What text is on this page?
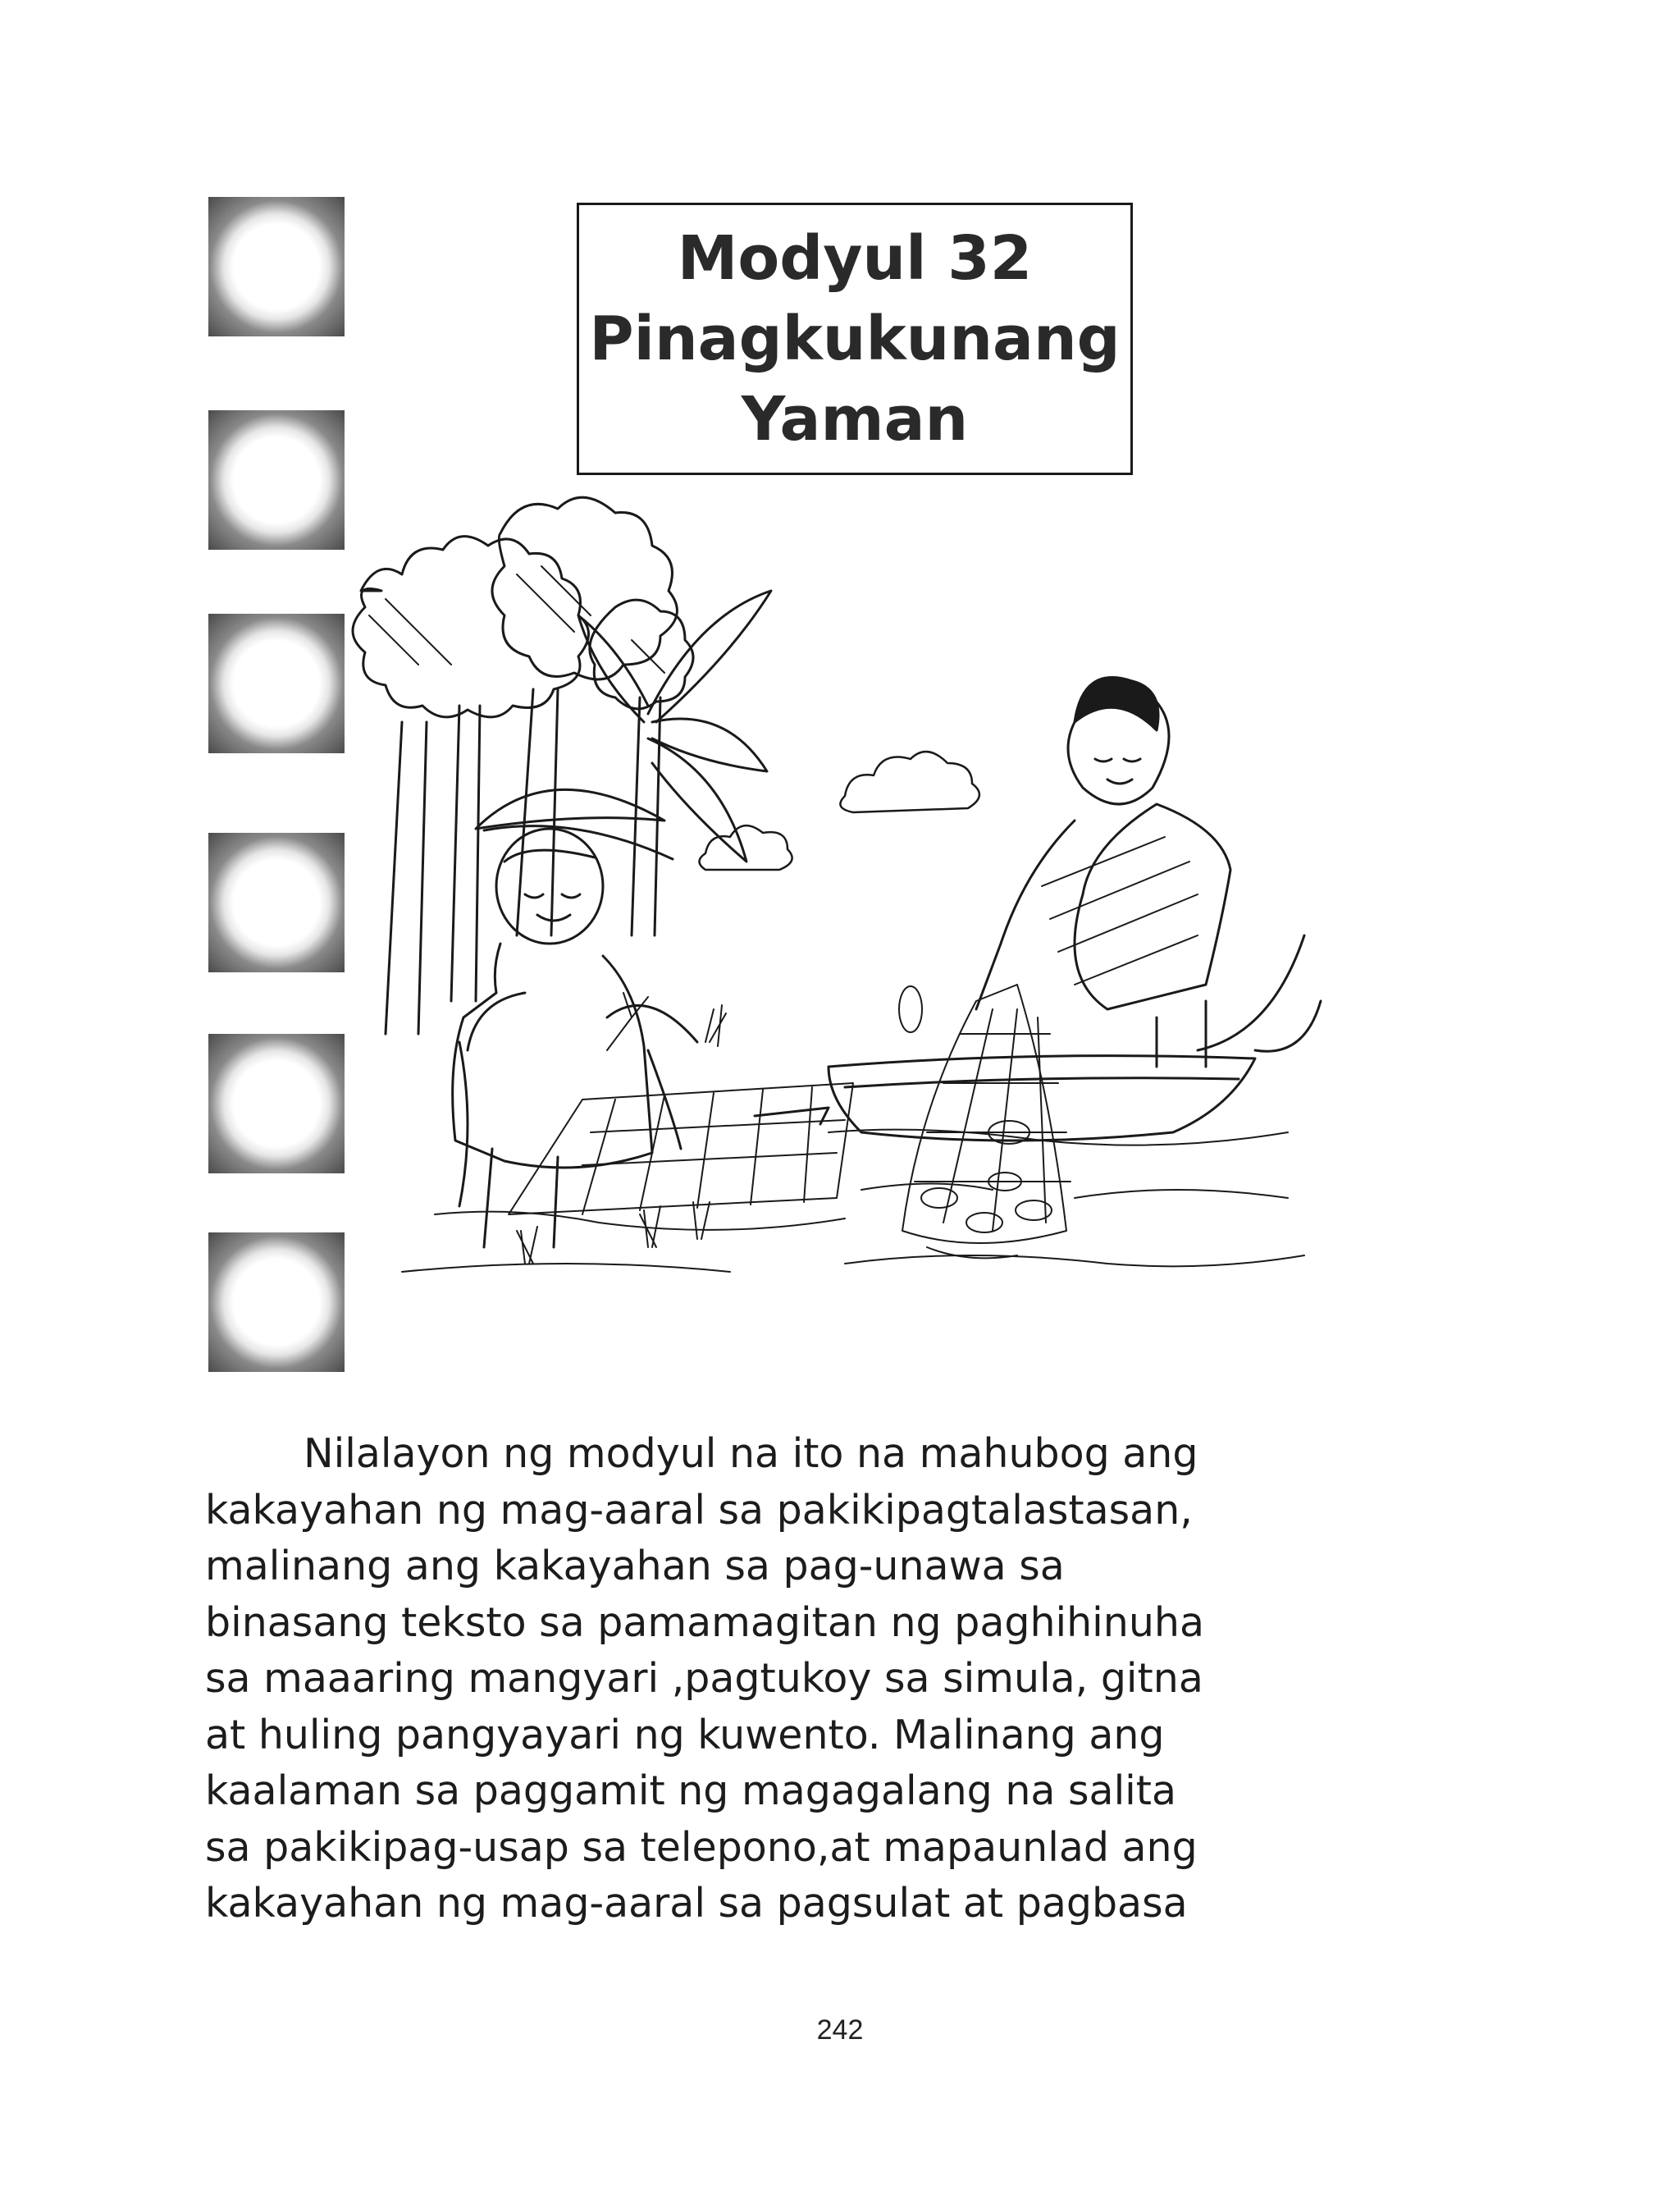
Modyul 32
Pinagkukunang
Yaman

Nilalayon ng modyul na ito na mahubog ang
kakayahan ng mag-aaral sa pakikipagtalastasan,
malinang ang kakayahan sa pag-unawa sa
binasang teksto sa pamamagitan ng paghihinuha
sa maaaring mangyari ,pagtukoy sa simula, gitna
at huling pangyayari ng kuwento. Malinang ang
kaalaman sa paggamit ng magagalang na salita
sa pakikipag-usap sa telepono,at mapaunlad ang
kakayahan ng mag-aaral sa pagsulat at pagbasa

242
